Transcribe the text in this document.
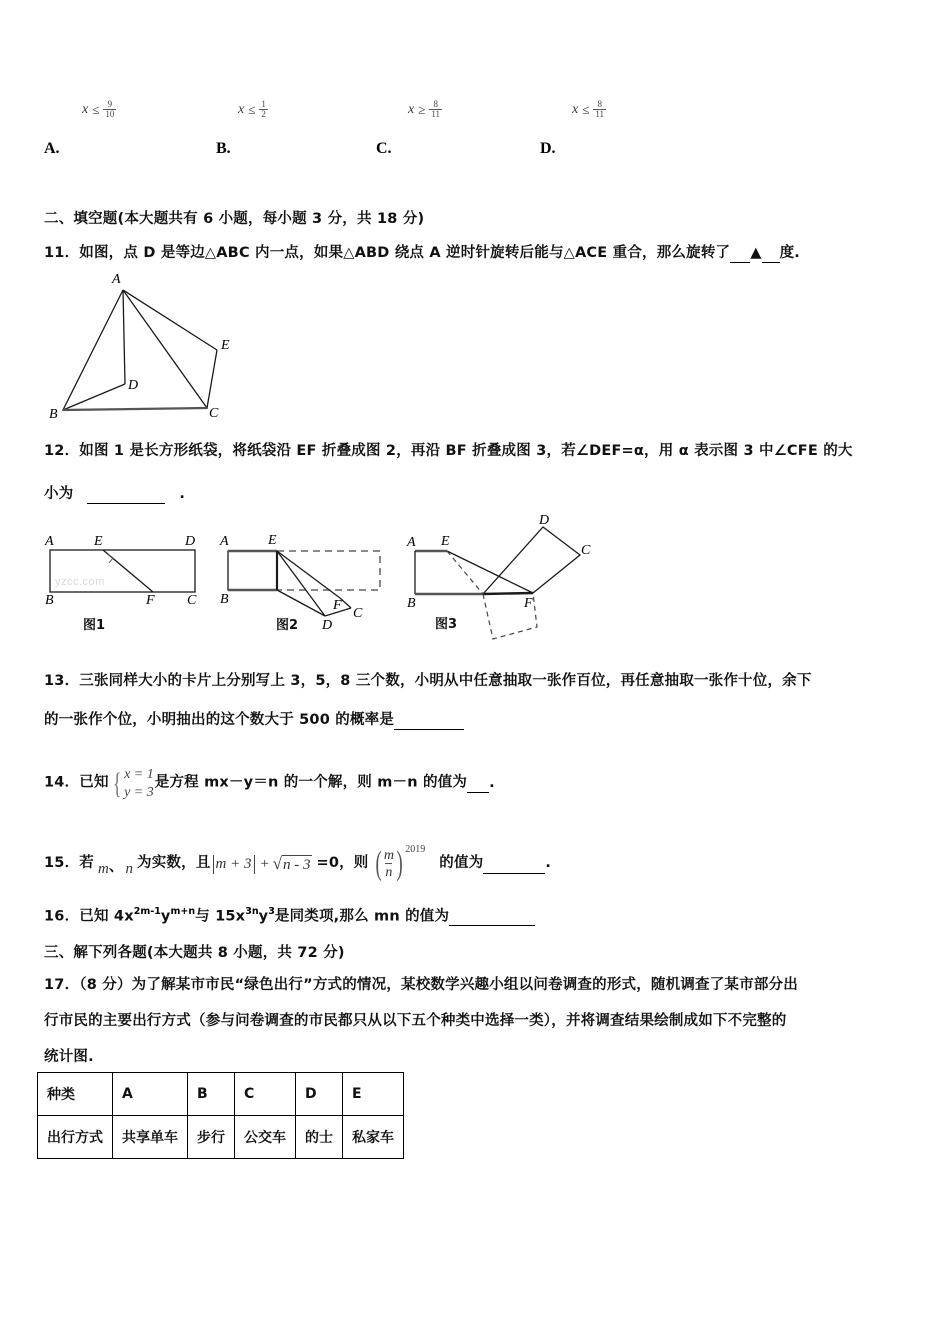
A.
$x \le \frac{9}{10}$
B.
$x \le \frac{1}{2}$
C.
$x \ge \frac{8}{11}$
D.
$x \le \frac{8}{11}$
二、填空题(本大题共有 6 小题，每小题 3 分，共 18 分)
11．如图，点 D 是等边△ABC 内一点，如果△ABD 绕点 A 逆时针旋转后能与△ACE 重合，那么旋转了 ▲ 度.
A
B	C
D
E
12．如图 1 是长方形纸袋，将纸袋沿 EF 折叠成图 2，再沿 BF 折叠成图 3，若∠DEF=α，用 α 表示图 3 中∠CFE 的大
小为	.
A	E	D
B	F C
yzcc.com
图1
A	E
B	F
C
D
图2
A E
B	F
D
C
图3
13．三张同样大小的卡片上分别写上 3，5，8 三个数，小明从中任意抽取一张作百位，再任意抽取一张作十位，余下
的一张作个位，小明抽出的这个数大于 500 的概率是
14．已知 { x = 1
y = 3
是方程 mx－y＝n 的一个解，则 m－n 的值为 .
15． 若 m 、 n 为实数，且 m + 3 + √ n - 3 =0，则 ( $\frac{m}{n}$ ) 2019
的值为
	.
16．已知 $4x^{2m-1}y^{m+n}$与 $15x^{3n}y^3$是同类项,那么 mn 的值为
三、解下列各题(本大题共 8 小题，共 72 分)
17．（8 分）为了解某市市民“绿色出行”方式的情况，某校数学兴趣小组以问卷调查的形式，随机调查了某市部分出
行市民的主要出行方式（参与问卷调查的市民都只从以下五个种类中选择一类），并将调查结果绘制成如下不完整的
统计图.
种类	A	B	C	D	E
出行方式	共享单车	步行	公交车	的士	私家车
